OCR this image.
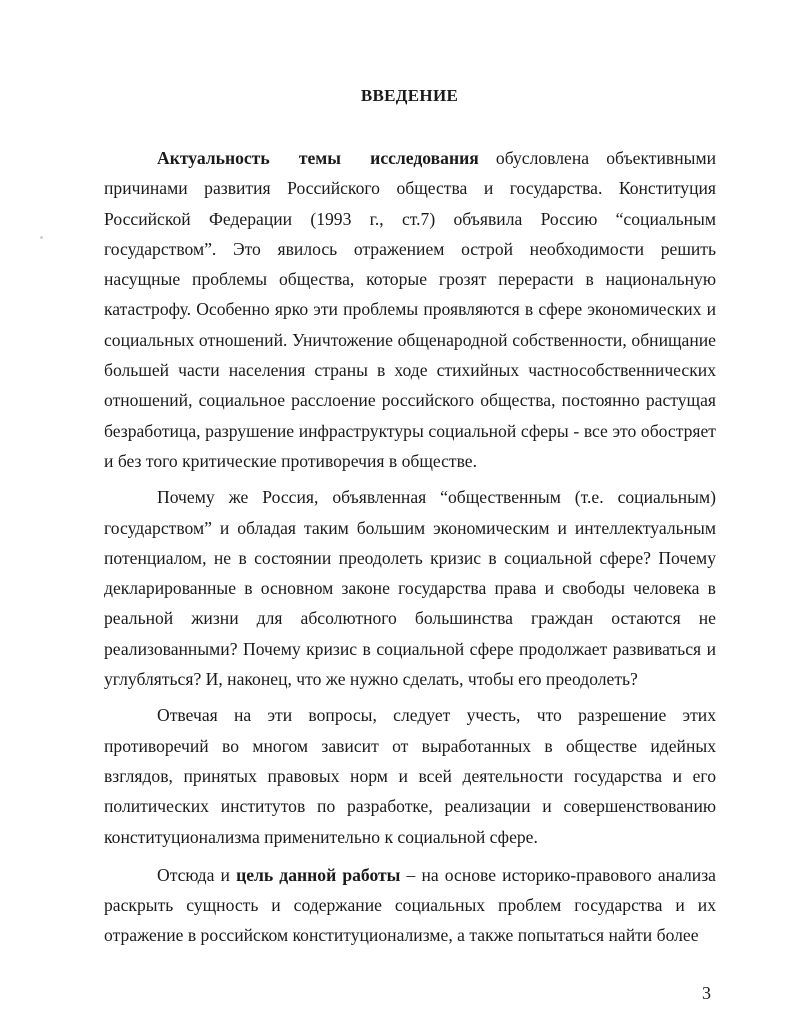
ВВЕДЕНИЕ

Актуальность темы исследования обусловлена объективными причинами развития Российского общества и государства. Конституция Российской Федерации (1993 г., ст.7) объявила Россию “социальным государством”. Это явилось отражением острой необходимости решить насущные проблемы общества, которые грозят перерасти в национальную катастрофу. Особенно ярко эти проблемы проявляются в сфере экономических и социальных отношений. Уничтожение общенародной собственности, обнищание большей части населения страны в ходе стихийных частнособственнических отношений, социальное расслоение российского общества, постоянно растущая безработица, разрушение инфраструктуры социальной сферы - все это обостряет и без того критические противоречия в обществе.

Почему же Россия, объявленная “общественным (т.е. социальным) государством” и обладая таким большим экономическим и интеллектуальным потенциалом, не в состоянии преодолеть кризис в социальной сфере? Почему декларированные в основном законе государства права и свободы человека в реальной жизни для абсолютного большинства граждан остаются не реализованными? Почему кризис в социальной сфере продолжает развиваться и углубляться? И, наконец, что же нужно сделать, чтобы его преодолеть?

Отвечая на эти вопросы, следует учесть, что разрешение этих противоречий во многом зависит от выработанных в обществе идейных взглядов, принятых правовых норм и всей деятельности государства и его политических институтов по разработке, реализации и совершенствованию конституционализма применительно к социальной сфере.

Отсюда и цель данной работы – на основе историко-правового анализа раскрыть сущность и содержание социальных проблем государства и их отражение в российском конституционализме, а также попытаться найти более

3
